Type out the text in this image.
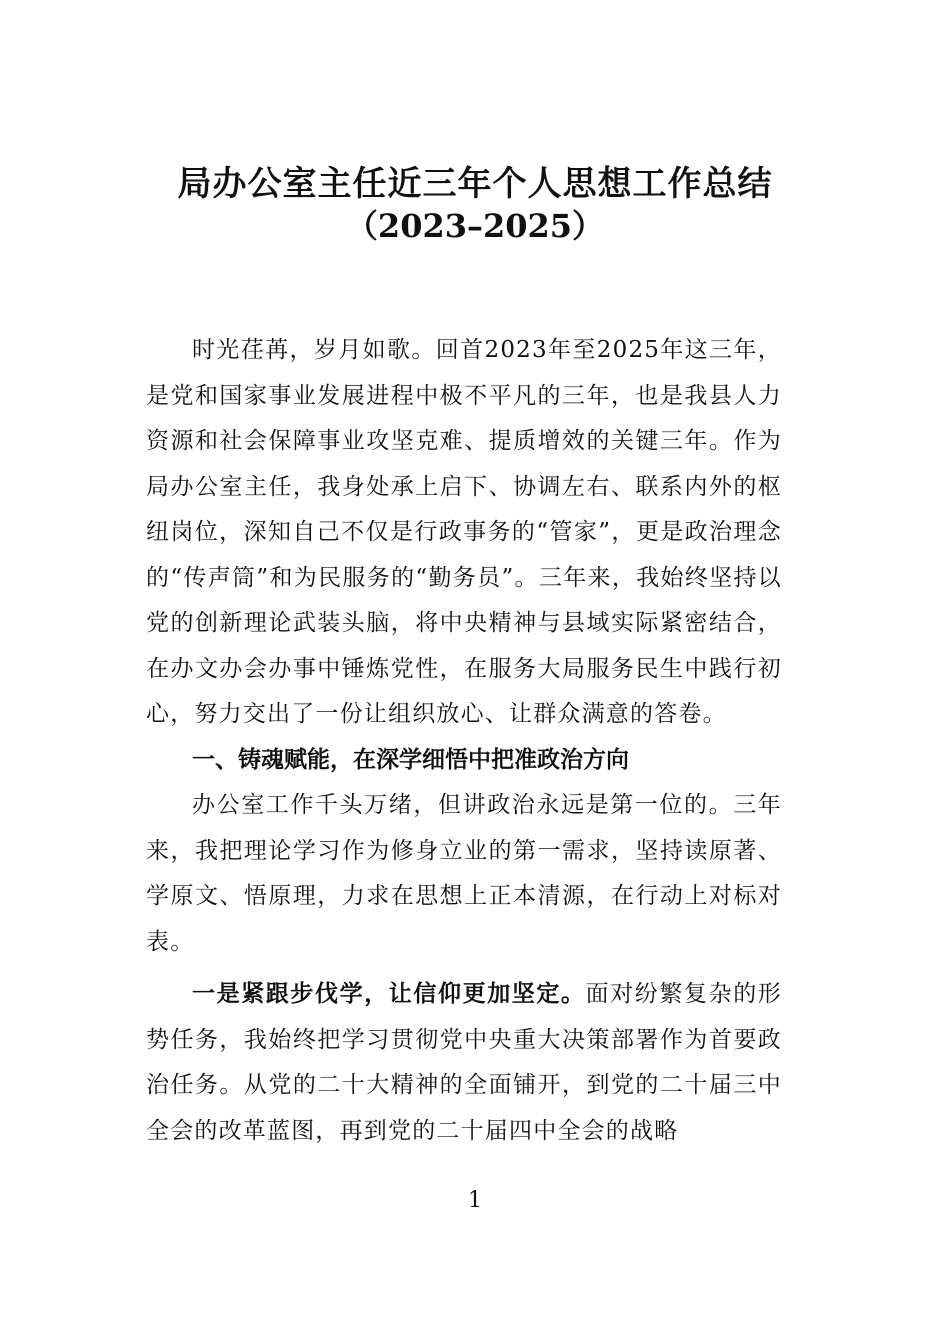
局办公室主任近三年个人思想工作总结
（2023–2025）

时光荏苒，岁月如歌。回首2023年至2025年这三年，是党和国家事业发展进程中极不平凡的三年，也是我县人力资源和社会保障事业攻坚克难、提质增效的关键三年。作为局办公室主任，我身处承上启下、协调左右、联系内外的枢纽岗位，深知自己不仅是行政事务的“管家”，更是政治理念的“传声筒”和为民服务的“勤务员”。三年来，我始终坚持以党的创新理论武装头脑，将中央精神与县域实际紧密结合，在办文办会办事中锤炼党性，在服务大局服务民生中践行初心，努力交出了一份让组织放心、让群众满意的答卷。

一、铸魂赋能，在深学细悟中把准政治方向

办公室工作千头万绪，但讲政治永远是第一位的。三年来，我把理论学习作为修身立业的第一需求，坚持读原著、学原文、悟原理，力求在思想上正本清源，在行动上对标对表。

一是紧跟步伐学，让信仰更加坚定。面对纷繁复杂的形势任务，我始终把学习贯彻党中央重大决策部署作为首要政治任务。从党的二十大精神的全面铺开，到党的二十届三中全会的改革蓝图，再到党的二十届四中全会的战略

1
